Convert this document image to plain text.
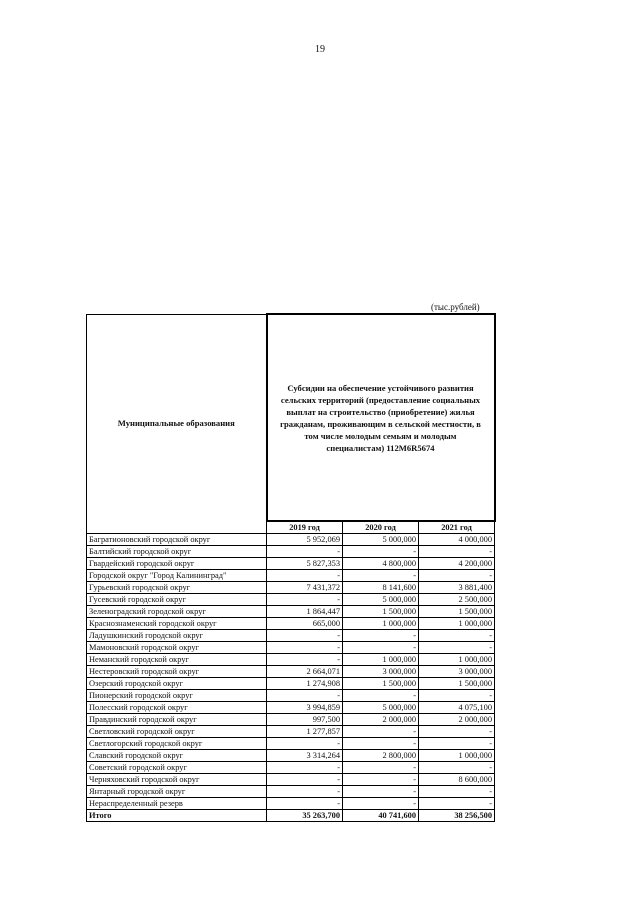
19
(тыс.рублей)
Муниципальные образования	Субсидии на обеспечение устойчивого развития сельских территорий (предоставление социальных выплат на строительство (приобретение) жилья гражданам, проживающим в сельской местности, в том числе молодым семьям и молодым специалистам) 112М6R5674		
	2019 год	2020 год	2021 год
Багратионовский городской округ	5 952,069	5 000,000	4 000,000
Балтийский городской округ	-	-	-
Гвардейский городской округ	5 827,353	4 800,000	4 200,000
Городской округ "Город Калининград"	-	-	-
Гурьевский городской округ	7 431,372	8 141,600	3 881,400
Гусевский городской округ	-	5 000,000	2 500,000
Зеленоградский городской округ	1 864,447	1 500,000	1 500,000
Краснознаменский городской округ	665,000	1 000,000	1 000,000
Ладушкинский городской округ	-	-	-
Мамоновский городской округ	-	-	-
Неманский городской округ	-	1 000,000	1 000,000
Нестеровский городской округ	2 664,071	3 000,000	3 000,000
Озерский городской округ	1 274,908	1 500,000	1 500,000
Пионерский городской округ	-	-	-
Полесский городской округ	3 994,859	5 000,000	4 075,100
Правдинский городской округ	997,500	2 000,000	2 000,000
Светловский городской округ	1 277,857	-	-
Светлогорский городской округ	-	-	-
Славский городской округ	3 314,264	2 800,000	1 000,000
Советский городской округ	-	-	-
Черняховский городской округ	-	-	8 600,000
Янтарный городской округ	-	-	-
Нераспределенный резерв	-	-	-
Итого	35 263,700	40 741,600	38 256,500
